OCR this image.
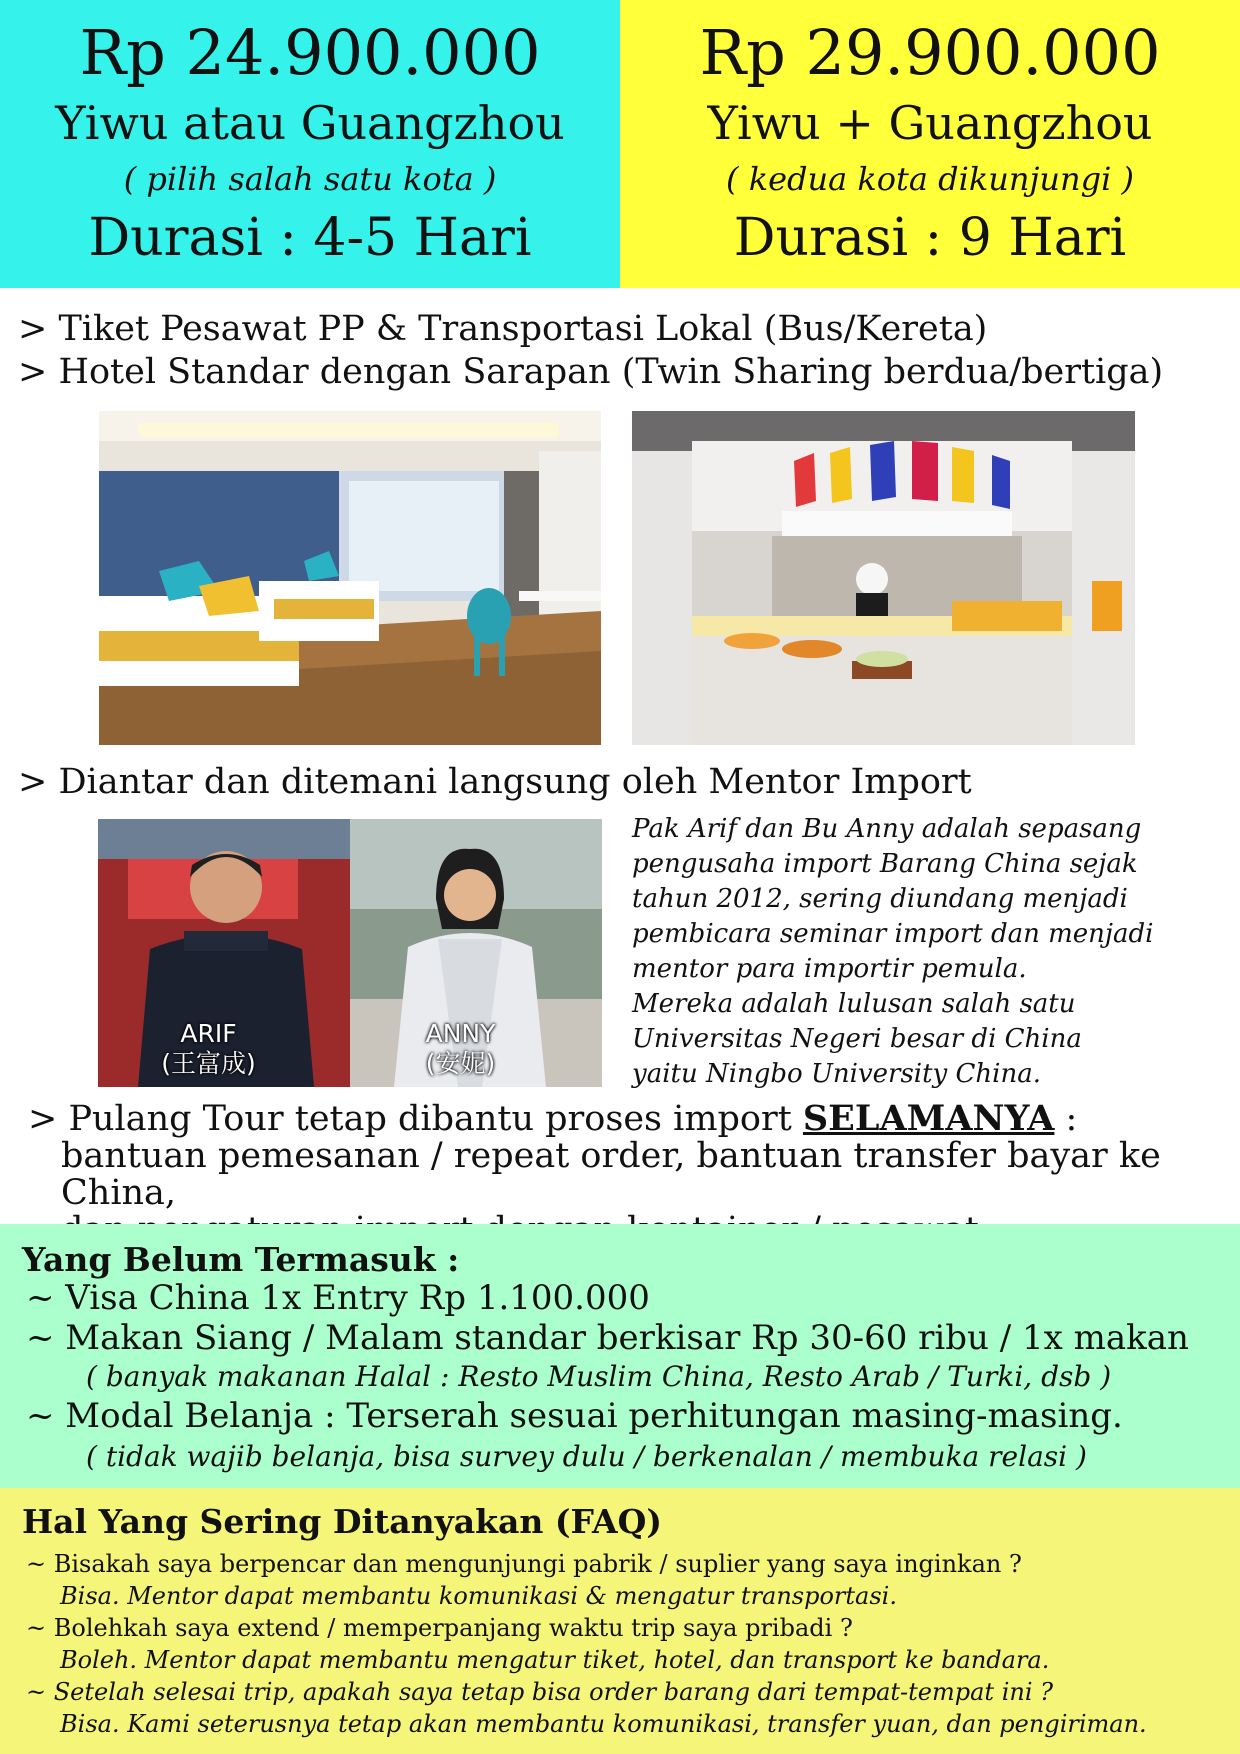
Rp 24.900.000
Yiwu atau Guangzhou
( pilih salah satu kota )
Durasi : 4-5 Hari
Rp 29.900.000
Yiwu + Guangzhou
( kedua kota dikunjungi )
Durasi : 9 Hari
> Tiket Pesawat PP & Transportasi Lokal (Bus/Kereta)
> Hotel Standar dengan Sarapan (Twin Sharing berdua/bertiga)
> Diantar dan ditemani langsung oleh Mentor Import
ARIF
(王富成)
ANNY
(安妮)
Pak Arif dan Bu Anny adalah sepasang
pengusaha import Barang China sejak
tahun 2012, sering diundang menjadi
pembicara seminar import dan menjadi
mentor para importir pemula.
Mereka adalah lulusan salah satu
Universitas Negeri besar di China
yaitu Ningbo University China.
> Pulang Tour tetap dibantu proses import SELAMANYA :
bantuan pemesanan / repeat order, bantuan transfer bayar ke China,
Yang Belum Termasuk :
~ Visa China 1x Entry Rp 1.100.000
~ Makan Siang / Malam standar berkisar Rp 30-60 ribu / 1x makan
( banyak makanan Halal : Resto Muslim China, Resto Arab / Turki, dsb )
~ Modal Belanja : Terserah sesuai perhitungan masing-masing.
( tidak wajib belanja, bisa survey dulu / berkenalan / membuka relasi )
Hal Yang Sering Ditanyakan (FAQ)
~ Bisakah saya berpencar dan mengunjungi pabrik / suplier yang saya inginkan ?
Bisa. Mentor dapat membantu komunikasi & mengatur transportasi.
~ Bolehkah saya extend / memperpanjang waktu trip saya pribadi ?
Boleh. Mentor dapat membantu mengatur tiket, hotel, dan transport ke bandara.
~ Setelah selesai trip, apakah saya tetap bisa order barang dari tempat-tempat ini ?
Bisa. Kami seterusnya tetap akan membantu komunikasi, transfer yuan, dan pengiriman.
